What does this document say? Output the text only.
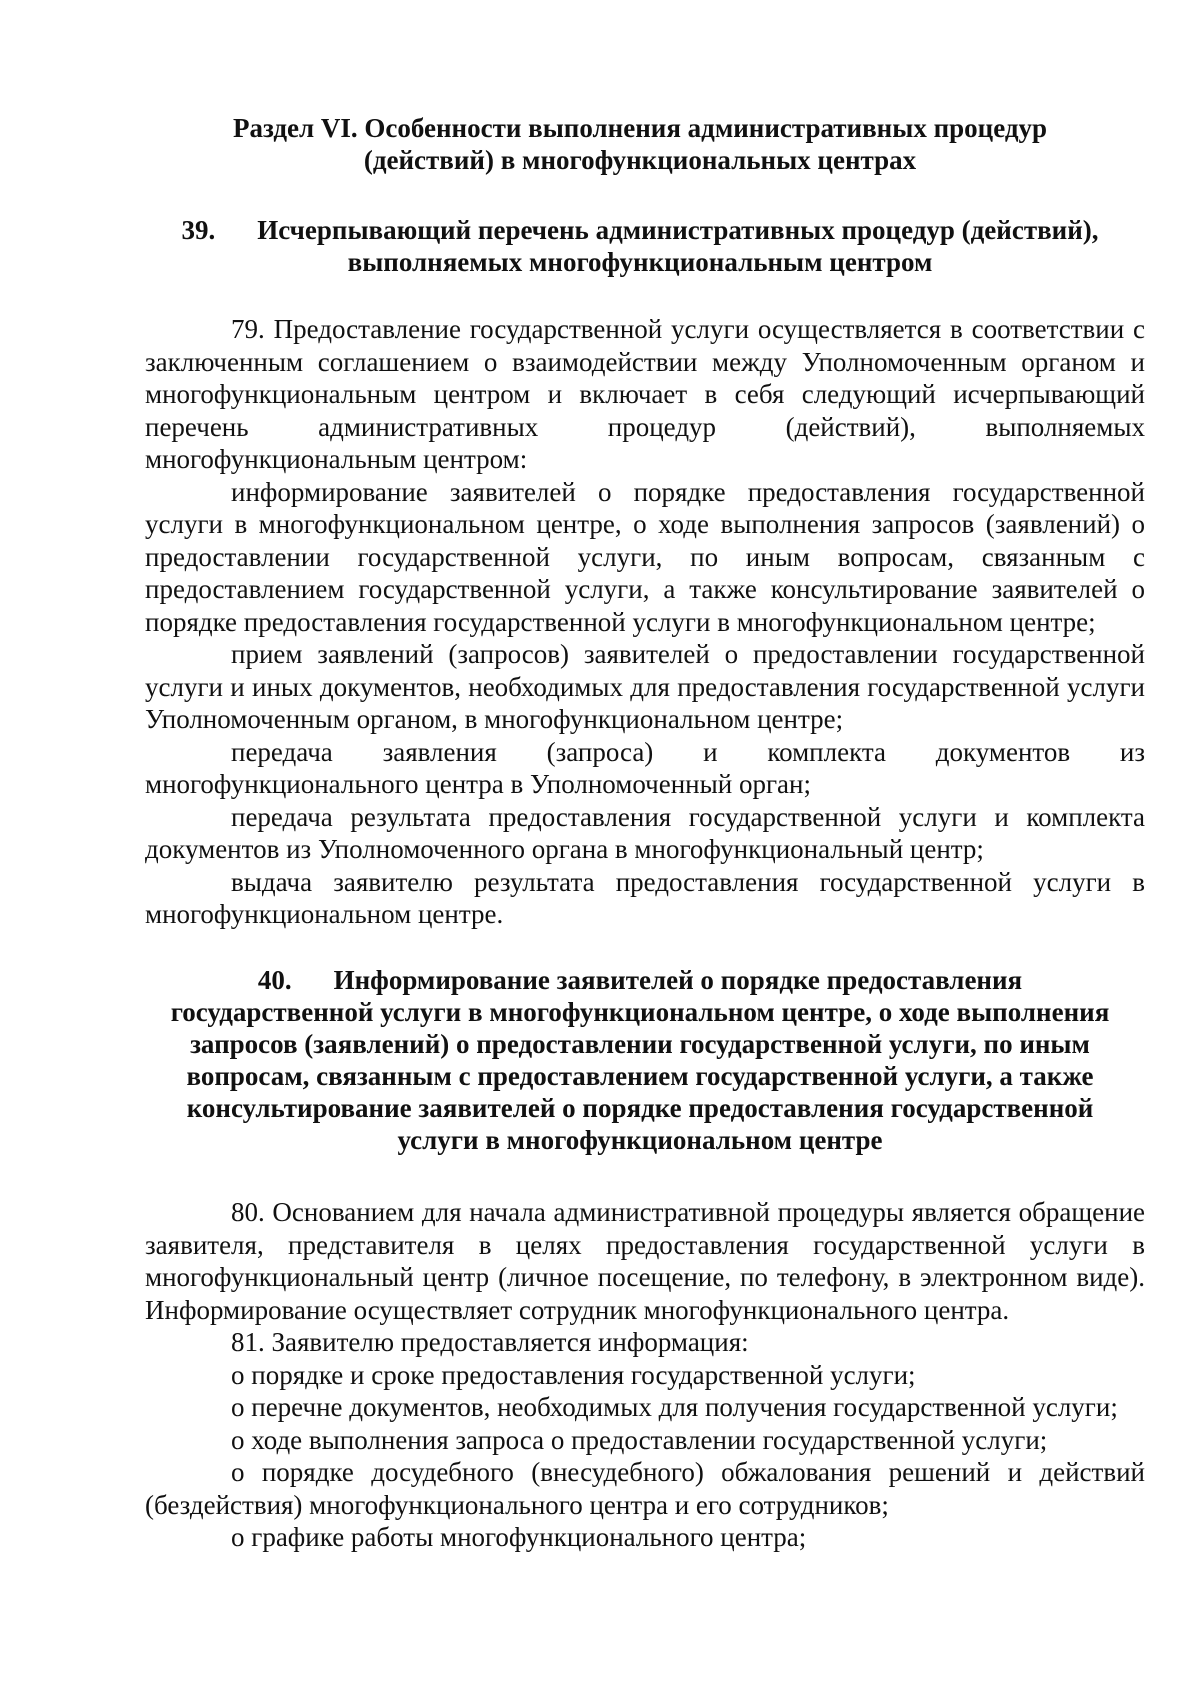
Раздел VI. Особенности выполнения административных процедур
(действий) в многофункциональных центрах
39. Исчерпывающий перечень административных процедур (действий),
выполняемых многофункциональным центром

79. Предоставление государственной услуги осуществляется в соответствии с заключенным соглашением о взаимодействии между Уполномоченным органом и многофункциональным центром и включает в себя следующий исчерпывающий перечень административных процедур (действий), выполняемых многофункциональным центром:

информирование заявителей о порядке предоставления государственной услуги в многофункциональном центре, о ходе выполнения запросов (заявлений) о предоставлении государственной услуги, по иным вопросам, связанным с предоставлением государственной услуги, а также консультирование заявителей о порядке предоставления государственной услуги в многофункциональном центре;

прием заявлений (запросов) заявителей о предоставлении государственной услуги и иных документов, необходимых для предоставления государственной услуги Уполномоченным органом, в многофункциональном центре;

передача заявления (запроса) и комплекта документов из многофункционального центра в Уполномоченный орган;

передача результата предоставления государственной услуги и комплекта документов из Уполномоченного органа в многофункциональный центр;

выдача заявителю результата предоставления государственной услуги в многофункциональном центре.

40. Информирование заявителей о порядке предоставления
государственной услуги в многофункциональном центре, о ходе выполнения
запросов (заявлений) о предоставлении государственной услуги, по иным
вопросам, связанным с предоставлением государственной услуги, а также
консультирование заявителей о порядке предоставления государственной
услуги в многофункциональном центре

80. Основанием для начала административной процедуры является обращение заявителя, представителя в целях предоставления государственной услуги в многофункциональный центр (личное посещение, по телефону, в электронном виде). Информирование осуществляет сотрудник многофункционального центра.

81. Заявителю предоставляется информация:

о порядке и сроке предоставления государственной услуги;

о перечне документов, необходимых для получения государственной услуги;

о ходе выполнения запроса о предоставлении государственной услуги;

о порядке досудебного (внесудебного) обжалования решений и действий (бездействия) многофункционального центра и его сотрудников;

о графике работы многофункционального центра;
